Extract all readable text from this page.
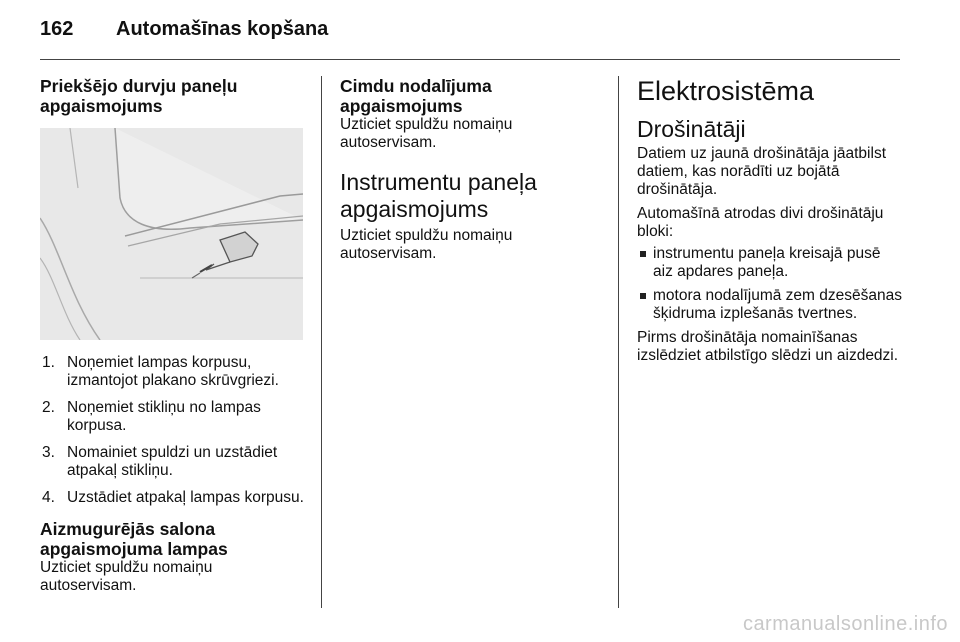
162 Automašīnas kopšana
Priekšējo durvju paneļu apgaismojums
1. Noņemiet lampas korpusu, izmantojot plakano skrūvgriezi.
2. Noņemiet stikliņu no lampas korpusa.
3. Nomainiet spuldzi un uzstādiet atpakaļ stikliņu.
4. Uzstādiet atpakaļ lampas korpusu.
Aizmugurējās salona apgaismojuma lampas

Uzticiet spuldžu nomaiņu autoservisam.

Cimdu nodalījuma apgaismojums

Uzticiet spuldžu nomaiņu autoservisam.

Instrumentu paneļa apgaismojums

Uzticiet spuldžu nomaiņu autoservisam.

Elektrosistēma
Drošinātāji

Datiem uz jaunā drošinātāja jāatbilst datiem, kas norādīti uz bojātā drošinātāja.

Automašīnā atrodas divi drošinātāju bloki:

instrumentu paneļa kreisajā pusē aiz apdares paneļa.
motora nodalījumā zem dzesēšanas šķidruma izplešanās tvertnes.

Pirms drošinātāja nomainīšanas izslēdziet atbilstīgo slēdzi un aizdedzi.

carmanualsonline.info
